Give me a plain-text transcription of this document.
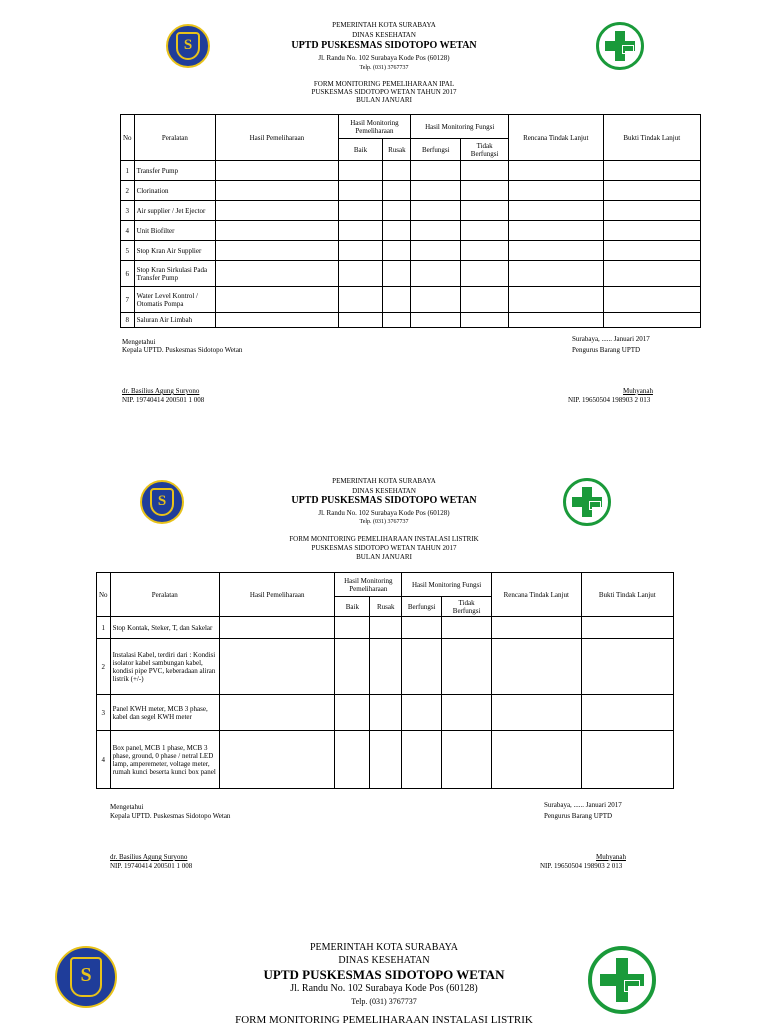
S
PEMERINTAH KOTA SURABAYA
DINAS KESEHATAN
UPTD PUSKESMAS SIDOTOPO WETAN
Jl. Randu No. 102 Surabaya Kode Pos (60128)
Telp. (031) 3767737
FORM MONITORING PEMELIHARAAN IPAL
PUSKESMAS SIDOTOPO WETAN TAHUN 2017
BULAN JANUARI
No	Peralatan	Hasil Pemeliharaan	Hasil Monitoring Pemeliharaan		Hasil Monitoring Fungsi		Rencana Tindak Lanjut	Bukti Tindak Lanjut
			Baik	Rusak	Berfungsi	Tidak Berfungsi		
1	Transfer Pump							
2	Clorination							
3	Air supplier / Jet Ejector							
4	Unit Biofilter							
5	Stop Kran Air Supplier							
6	Stop Kran Sirkulasi Pada Transfer Pump							
7	Water Level Kontrol / Otomatis Pompa							
8	Saluran Air Limbah							
Surabaya, ...... Januari 2017
Mengetahui
Kepala UPTD. Puskesmas Sidotopo Wetan	Pengurus Barang UPTD
dr. Basilius Agung Suryono
NIP. 19740414 200501 1 008
Muhyanah
NIP. 19650504 198903 2 013
S
PEMERINTAH KOTA SURABAYA
DINAS KESEHATAN
UPTD PUSKESMAS SIDOTOPO WETAN
Jl. Randu No. 102 Surabaya Kode Pos (60128)
Telp. (031) 3767737
FORM MONITORING PEMELIHARAAN INSTALASI LISTRIK
PUSKESMAS SIDOTOPO WETAN TAHUN 2017
BULAN JANUARI
No	Peralatan	Hasil Pemeliharaan	Hasil Monitoring Pemeliharaan		Hasil Monitoring Fungsi		Rencana Tindak Lanjut	Bukti Tindak Lanjut
			Baik	Rusak	Berfungsi	Tidak Berfungsi		
1	Stop Kontak, Steker, T, dan Sakelar							
2	Instalasi Kabel, terdiri dari : Kondisi isolator kabel sambungan kabel, kondisi pipe PVC, keberadaan aliran listrik (+/-)							
3	Panel KWH meter, MCB 3 phase, kabel dan segel KWH meter							
4	Box panel, MCB 1 phase, MCB 3 phase, ground, 0 phase / netral LED lamp, amperemeter, voltage meter, rumah kunci beserta kunci box panel							
Surabaya, ...... Januari 2017
Mengetahui
Kepala UPTD. Puskesmas Sidotopo Wetan	Pengurus Barang UPTD
dr. Basilius Agung Suryono
NIP. 19740414 200501 1 008
Muhyanah
NIP. 19650504 198903 2 013
S
PEMERINTAH KOTA SURABAYA
DINAS KESEHATAN
UPTD PUSKESMAS SIDOTOPO WETAN
Jl. Randu No. 102 Surabaya Kode Pos (60128)
Telp. (031) 3767737
FORM MONITORING PEMELIHARAAN INSTALASI LISTRIK
